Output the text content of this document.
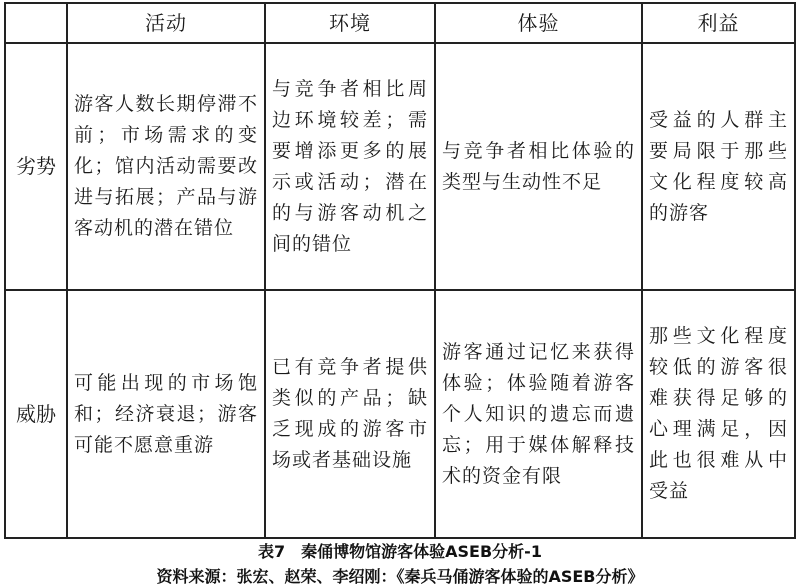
	活动	环境	体验	利益
劣势	游客人数长期停滞不前；市场需求的变化；馆内活动需要改进与拓展；产品与游客动机的潜在错位	与竞争者相比周边环境较差；需要增添更多的展示或活动；潜在的与游客动机之间的错位	与竞争者相比体验的类型与生动性不足	受益的人群主要局限于那些文化程度较高的游客

威胁	可能出现的市场饱和；经济衰退；游客可能不愿意重游	已有竞争者提供类似的产品；缺乏现成的游客市场或者基础设施	游客通过记忆来获得体验；体验随着游客个人知识的遗忘而遗忘；用于媒体解释技术的资金有限	那些文化程度较低的游客很难获得足够的心理满足，因此也很难从中受益
表7　秦俑博物馆游客体验ASEB分析-1
资料来源：张宏、赵荣、李绍刚：《秦兵马俑游客体验的ASEB分析》
